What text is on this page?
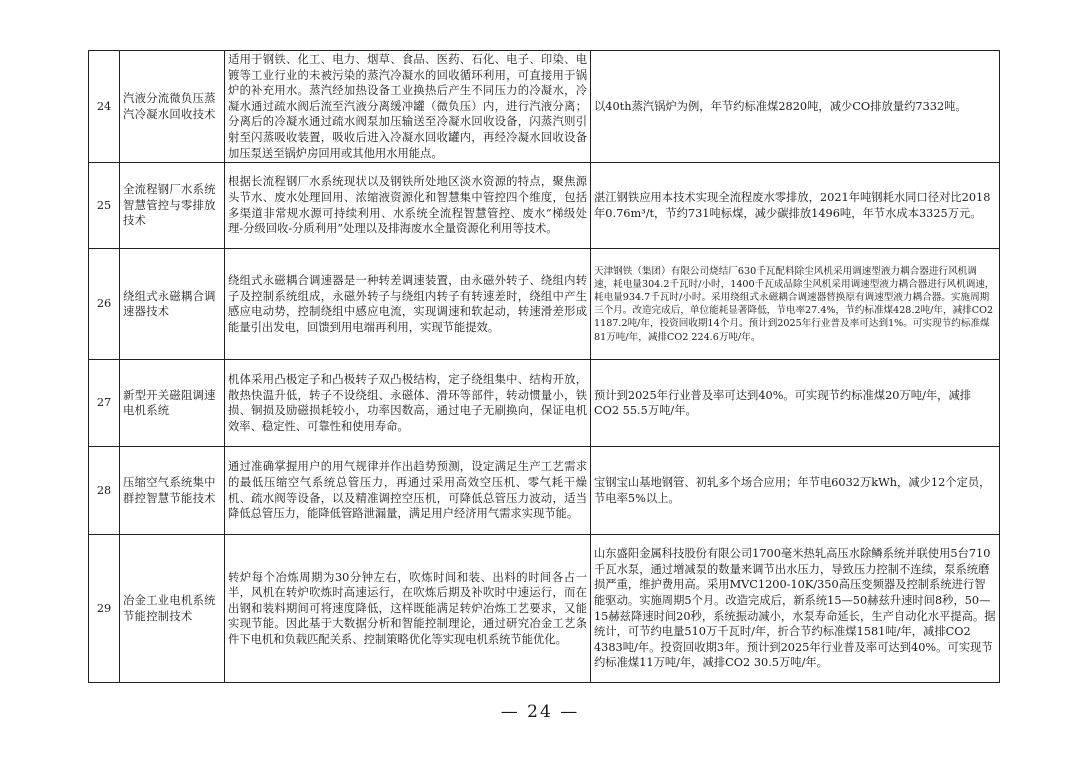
24	汽液分流微负压蒸汽冷凝水回收技术	适用于钢铁、化工、电力、烟草、食品、医药、石化、电子、印染、电镀等工业行业的未被污染的蒸汽冷凝水的回收循环利用，可直接用于锅炉的补充用水。蒸汽经加热设备工业换热后产生不同压力的冷凝水，冷凝水通过疏水阀后流至汽液分离缓冲罐（微负压）内，进行汽液分离；分离后的冷凝水通过疏水阀泵加压输送至冷凝水回收设备，闪蒸汽则引射至闪蒸吸收装置，吸收后进入冷凝水回收罐内，再经冷凝水回收设备加压泵送至锅炉房回用或其他用水用能点。	以40th蒸汽锅炉为例，年节约标准煤2820吨，减少CO排放量约7332吨。
25	全流程钢厂水系统智慧管控与零排放技术	根据长流程钢厂水系统现状以及钢铁所处地区淡水资源的特点，聚焦源头节水、废水处理回用、浓缩液资源化和智慧集中管控四个维度，包括多渠道非常规水源可持续利用、水系统全流程智慧管控、废水“梯级处理-分级回收-分质利用”处理以及排海废水全量资源化利用等技术。	湛江钢铁应用本技术实现全流程废水零排放，2021年吨钢耗水同口径对比2018年0.76m³/t，节约731吨标煤，减少碳排放1496吨，年节水成本3325万元。
26	绕组式永磁耦合调速器技术	绕组式永磁耦合调速器是一种转差调速装置，由永磁外转子、绕组内转子及控制系统组成，永磁外转子与绕组内转子有转速差时，绕组中产生感应电动势，控制绕组中感应电流，实现调速和软起动，转速滑差形成能量引出发电，回馈到用电端再利用，实现节能提效。	天津钢铁（集团）有限公司烧结厂630千瓦配料除尘风机采用调速型液力耦合器进行风机调速，耗电量304.2千瓦时/小时，1400千瓦成品除尘风机采用调速型液力耦合器进行风机调速，耗电量934.7千瓦时/小时。采用绕组式永磁耦合调速器替换原有调速型液力耦合器。实施周期三个月。改造完成后，单位能耗显著降低，节电率27.4%，节约标准煤428.2吨/年，减排CO2 1187.2吨/年，投资回收期14个月。预计到2025年行业普及率可达到1%。可实现节约标准煤81万吨/年，减排CO2 224.6万吨/年。
27	新型开关磁阻调速电机系统	机体采用凸极定子和凸极转子双凸极结构，定子绕组集中、结构开放，散热快温升低，转子不设绕组、永磁体、滑环等部件，转动惯量小，铁损、铜损及励磁损耗较小，功率因数高，通过电子无刷换向，保证电机效率、稳定性、可靠性和使用寿命。	预计到2025年行业普及率可达到40%。可实现节约标准煤20万吨/年，减排CO2 55.5万吨/年。
28	压缩空气系统集中群控智慧节能技术	通过准确掌握用户的用气规律并作出趋势预测，设定满足生产工艺需求的最低压缩空气系统总管压力，再通过采用高效空压机、零气耗干燥机、疏水阀等设备，以及精准调控空压机，可降低总管压力波动，适当降低总管压力，能降低管路泄漏量，满足用户经济用气需求实现节能。	宝钢宝山基地钢管、初轧多个场合应用；年节电6032万kWh，减少12个定员，节电率5%以上。
29	冶金工业电机系统节能控制技术	转炉每个冶炼周期为30分钟左右，吹炼时间和装、出料的时间各占一半，风机在转炉吹炼时高速运行，在吹炼后期及补吹时中速运行，而在出钢和装料期间可将速度降低，这样既能满足转炉冶炼工艺要求，又能实现节能。因此基于大数据分析和智能控制理论，通过研究冶金工艺条件下电机和负载匹配关系、控制策略优化等实现电机系统节能优化。	山东盛阳金属科技股份有限公司1700毫米热轧高压水除鳞系统并联使用5台710千瓦水泵，通过增减泵的数量来调节出水压力，导致压力控制不连续，泵系统磨损严重，维护费用高。采用MVC1200-10K/350高压变频器及控制系统进行智能驱动。实施周期5个月。改造完成后，新系统15—50赫兹升速时间8秒，50—15赫兹降速时间20秒，系统振动减小，水泵寿命延长，生产自动化水平提高。据统计，可节约电量510万千瓦时/年，折合节约标准煤1581吨/年，减排CO2 4383吨/年。投资回收期3年。预计到2025年行业普及率可达到40%。可实现节约标准煤11万吨/年，减排CO2 30.5万吨/年。
— 24 —
